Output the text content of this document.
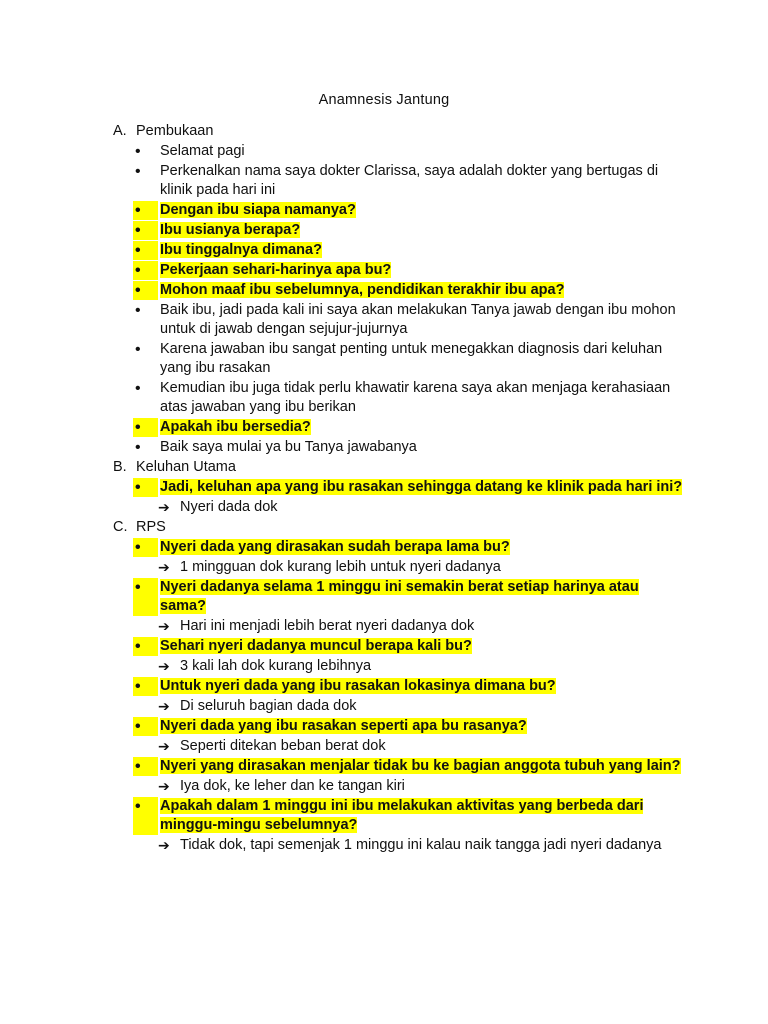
Anamnesis Jantung
A. Pembukaan
•	Selamat pagi
•	Perkenalkan nama saya dokter Clarissa, saya adalah dokter yang bertugas di klinik pada hari ini
•	Dengan ibu siapa namanya?
•	Ibu usianya berapa?
•	Ibu tinggalnya dimana?
•	Pekerjaan sehari-harinya apa bu?
•	Mohon maaf ibu sebelumnya, pendidikan terakhir ibu apa?
•	Baik ibu, jadi pada kali ini saya akan melakukan Tanya jawab dengan ibu mohon untuk di jawab dengan sejujur-jujurnya
•	Karena jawaban ibu sangat penting untuk menegakkan diagnosis dari keluhan yang ibu rasakan
•	Kemudian ibu juga tidak perlu khawatir karena saya akan menjaga kerahasiaan atas jawaban yang ibu berikan
•	Apakah ibu bersedia?
•	Baik saya mulai ya bu Tanya jawabanya
B. Keluhan Utama
•	Jadi, keluhan apa yang ibu rasakan sehingga datang ke klinik pada hari ini?
➔ Nyeri dada dok
C. RPS
•	Nyeri dada yang dirasakan sudah berapa lama bu?
➔ 1 mingguan dok kurang lebih untuk nyeri dadanya
•	Nyeri dadanya selama 1 minggu ini semakin berat setiap harinya atau sama?
➔ Hari ini menjadi lebih berat nyeri dadanya dok
•	Sehari nyeri dadanya muncul berapa kali bu?
➔ 3 kali lah dok kurang lebihnya
•	Untuk nyeri dada yang ibu rasakan lokasinya dimana bu?
➔ Di seluruh bagian dada dok
•	Nyeri dada yang ibu rasakan seperti apa bu rasanya?
➔ Seperti ditekan beban berat dok
•	Nyeri yang dirasakan menjalar tidak bu ke bagian anggota tubuh yang lain?
➔ Iya dok, ke leher dan ke tangan kiri
•	Apakah dalam 1 minggu ini ibu melakukan aktivitas yang berbeda dari minggu-mingu sebelumnya?
➔ Tidak dok, tapi semenjak 1 minggu ini kalau naik tangga jadi nyeri dadanya
